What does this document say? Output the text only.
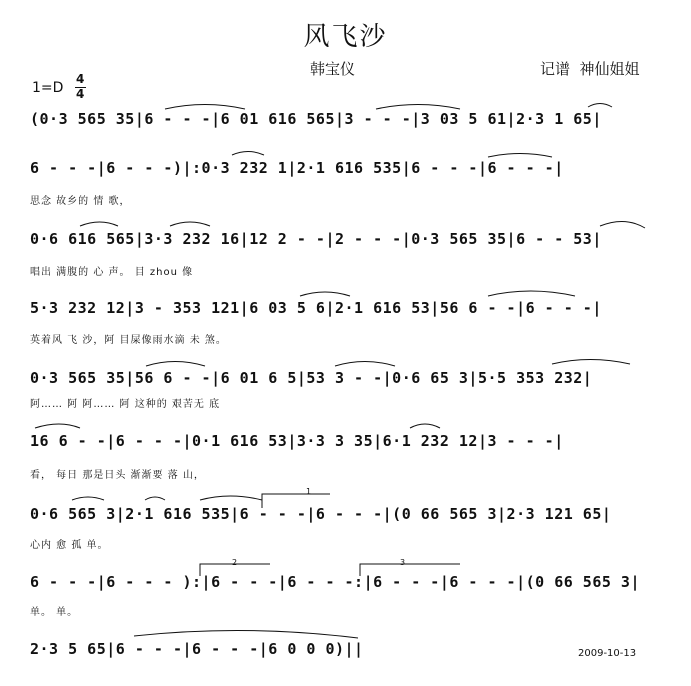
风飞沙
韩宝仪	记谱  神仙姐姐
1=D
4
4
(0·3 565 35|6 - - -|6 01 616 565|3 - - -|3 03 5 61|2·3 1 65|
6 - - -|6 - - -)|:0·3 232 1|2·1 616 535|6 - - -|6 - - -|
0·6 616 565|3·3 232 16|12 2 - -|2 - - -|0·3 565 35|6 - - 53|
5·3 232 12|3 - 353 121|6 03 5 6|2·1 616 53|56 6 - -|6 - - -|
0·3 565 35|56 6 - -|6 01 6 5|53 3 - -|0·6 65 3|5·5 353 232|
16 6 - -|6 - - -|0·1 616 53|3·3 3 35|6·1 232 12|3 - - -|
0·6 565 3|2·1 616 535|6 - - -|6 - - -|(0 66 565 3|2·3 121 65|
6 - - -|6 - - - ):|6 - - -|6 - - -:|6 - - -|6 - - -|(0 66 565 3|
2·3 5 65|6 - - -|6 - - -|6 0 0 0)||
思念 故乡的 情 歌，
唱出 满腹的 心 声。 目 zhou 像
英着风 飞 沙，阿 目屎像雨水滴 未 煞。
阿…… 阿 阿…… 阿 这种的 艰苦无 底
看， 每日 那是日头 渐渐要 落 山，
心内 愈 孤 单。
单。 单。
1
2	3
2009-10-13
